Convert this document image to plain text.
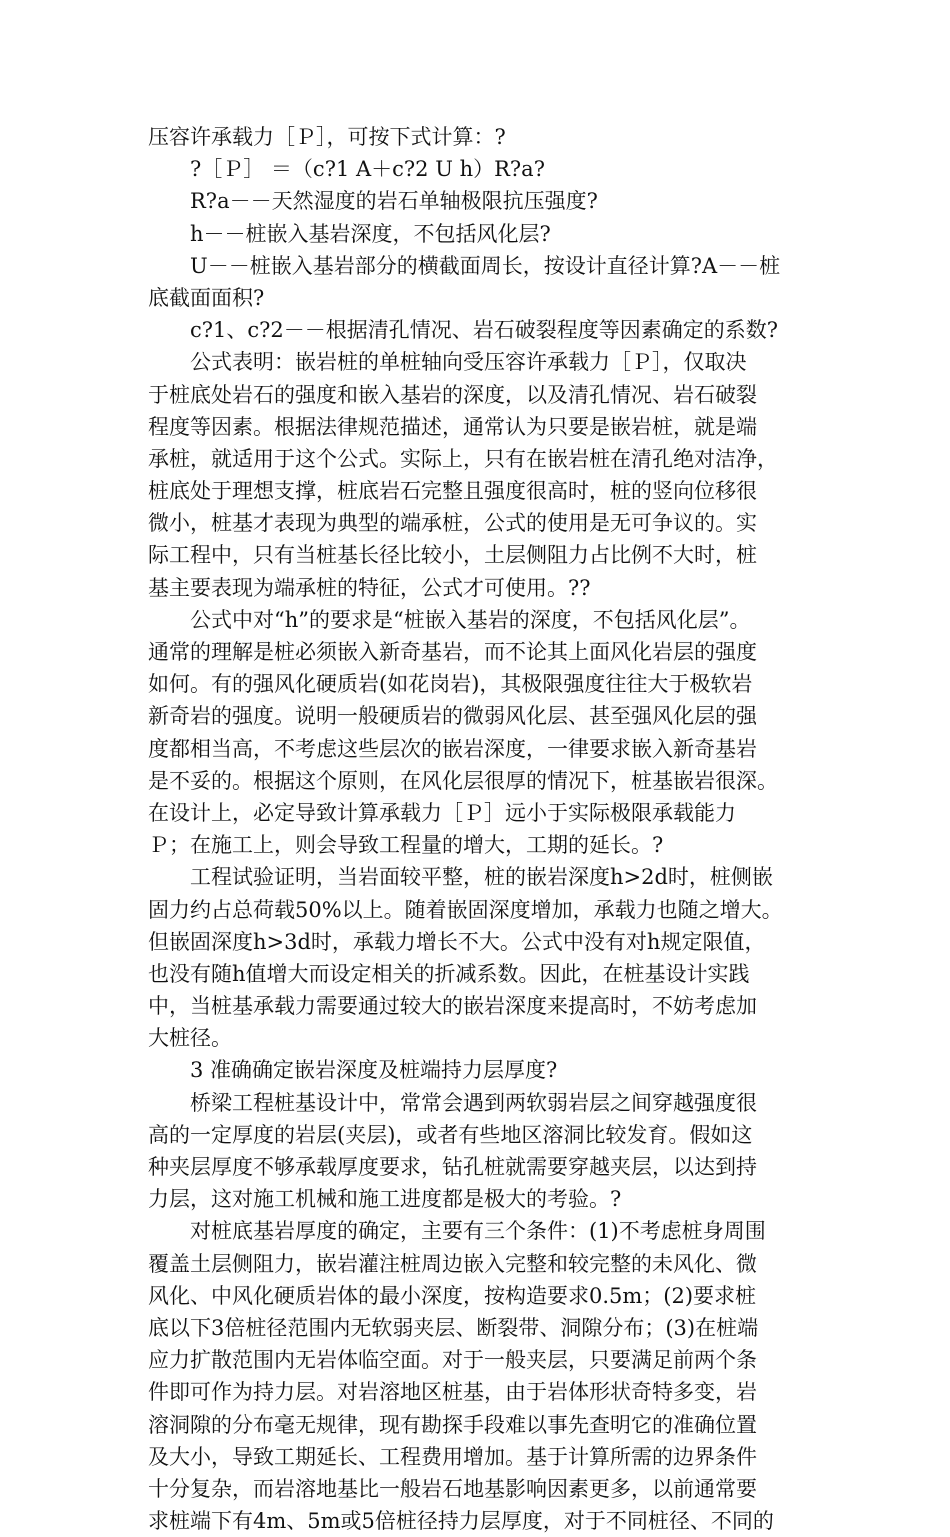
压容许承载力［Ｐ］，可按下式计算：?
?［Ｐ］ ＝（c?1 A＋c?2 U h）R?a?
R?a－－天然湿度的岩石单轴极限抗压强度?
h－－桩嵌入基岩深度，不包括风化层?
U－－桩嵌入基岩部分的横截面周长，按设计直径计算?A－－桩
底截面面积?
c?1、c?2－－根据清孔情况、岩石破裂程度等因素确定的系数?
公式表明：嵌岩桩的单桩轴向受压容许承载力［Ｐ］，仅取决
于桩底处岩石的强度和嵌入基岩的深度，以及清孔情况、岩石破裂
程度等因素。根据法律规范描述，通常认为只要是嵌岩桩，就是端
承桩，就适用于这个公式。实际上，只有在嵌岩桩在清孔绝对洁净，
桩底处于理想支撑，桩底岩石完整且强度很高时，桩的竖向位移很
微小，桩基才表现为典型的端承桩，公式的使用是无可争议的。实
际工程中，只有当桩基长径比较小，土层侧阻力占比例不大时，桩
基主要表现为端承桩的特征，公式才可使用。??
公式中对“h”的要求是“桩嵌入基岩的深度，不包括风化层”。
通常的理解是桩必须嵌入新奇基岩，而不论其上面风化岩层的强度
如何。有的强风化硬质岩(如花岗岩)，其极限强度往往大于极软岩
新奇岩的强度。说明一般硬质岩的微弱风化层、甚至强风化层的强
度都相当高，不考虑这些层次的嵌岩深度，一律要求嵌入新奇基岩
是不妥的。根据这个原则，在风化层很厚的情况下，桩基嵌岩很深。
在设计上，必定导致计算承载力［Ｐ］远小于实际极限承载能力
Ｐ；在施工上，则会导致工程量的增大，工期的延长。?
工程试验证明，当岩面较平整，桩的嵌岩深度h>2d时，桩侧嵌
固力约占总荷载50%以上。随着嵌固深度增加，承载力也随之增大。
但嵌固深度h>3d时，承载力增长不大。公式中没有对h规定限值，
也没有随h值增大而设定相关的折减系数。因此，在桩基设计实践
中，当桩基承载力需要通过较大的嵌岩深度来提高时，不妨考虑加
大桩径。
3 准确确定嵌岩深度及桩端持力层厚度?
桥梁工程桩基设计中，常常会遇到两软弱岩层之间穿越强度很
高的一定厚度的岩层(夹层)，或者有些地区溶洞比较发育。假如这
种夹层厚度不够承载厚度要求，钻孔桩就需要穿越夹层，以达到持
力层，这对施工机械和施工进度都是极大的考验。?
对桩底基岩厚度的确定，主要有三个条件：(1)不考虑桩身周围
覆盖土层侧阻力，嵌岩灌注桩周边嵌入完整和较完整的未风化、微
风化、中风化硬质岩体的最小深度，按构造要求0.5m；(2)要求桩
底以下3倍桩径范围内无软弱夹层、断裂带、洞隙分布；(3)在桩端
应力扩散范围内无岩体临空面。对于一般夹层，只要满足前两个条
件即可作为持力层。对岩溶地区桩基，由于岩体形状奇特多变，岩
溶洞隙的分布毫无规律，现有勘探手段难以事先查明它的准确位置
及大小，导致工期延长、工程费用增加。基于计算所需的边界条件
十分复杂，而岩溶地基比一般岩石地基影响因素更多，以前通常要
求桩端下有4m、5m或5倍桩径持力层厚度，对于不同桩径、不同的
